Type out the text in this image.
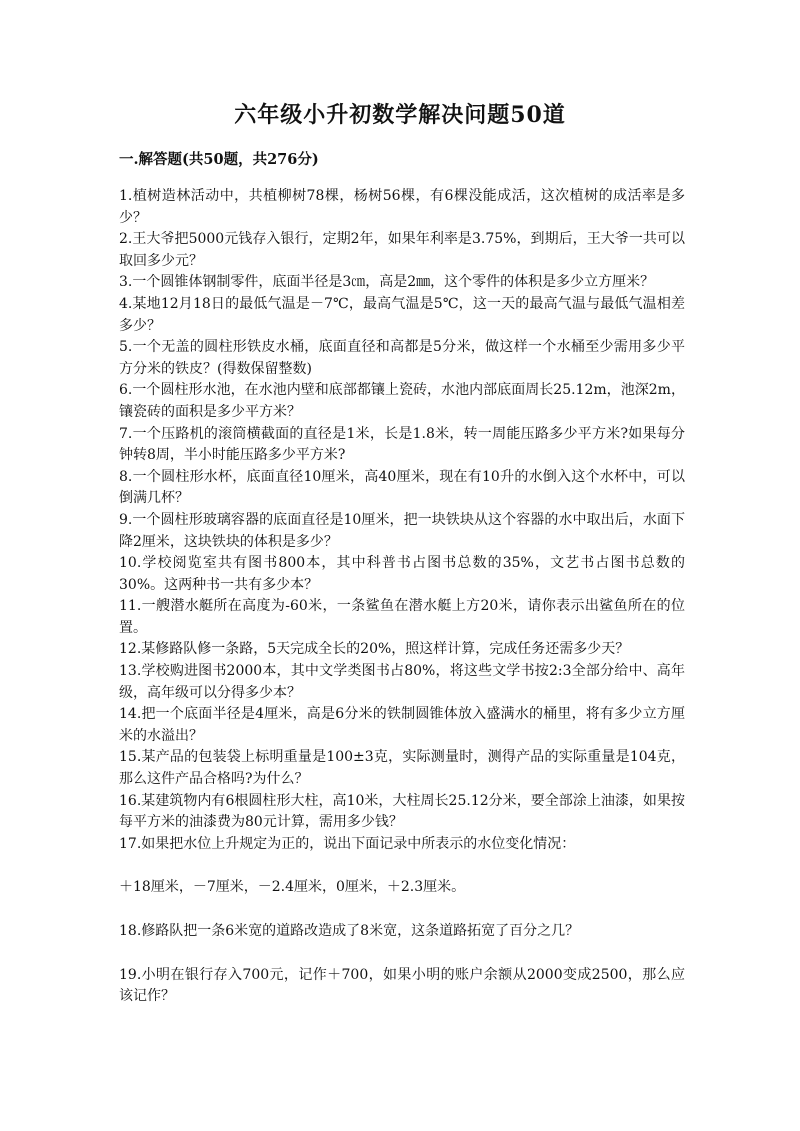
六年级小升初数学解决问题50道
一.解答题(共50题，共276分)

1.植树造林活动中，共植柳树78棵，杨树56棵，有6棵没能成活，这次植树的成活率是多少？

2.王大爷把5000元钱存入银行，定期2年，如果年利率是3.75%，到期后，王大爷一共可以取回多少元？

3.一个圆锥体钢制零件，底面半径是3㎝，高是2㎜，这个零件的体积是多少立方厘米？

4.某地12月18日的最低气温是－7℃，最高气温是5℃，这一天的最高气温与最低气温相差多少？

5.一个无盖的圆柱形铁皮水桶，底面直径和高都是5分米，做这样一个水桶至少需用多少平方分米的铁皮？(得数保留整数)

6.一个圆柱形水池，在水池内壁和底部都镶上瓷砖，水池内部底面周长25.12m，池深2m，镶瓷砖的面积是多少平方米？

7.一个压路机的滚筒横截面的直径是1米，长是1.8米，转一周能压路多少平方米?如果每分钟转8周，半小时能压路多少平方米?

8.一个圆柱形水杯，底面直径10厘米，高40厘米，现在有10升的水倒入这个水杯中，可以倒满几杯？

9.一个圆柱形玻璃容器的底面直径是10厘米，把一块铁块从这个容器的水中取出后，水面下降2厘米，这块铁块的体积是多少？

10.学校阅览室共有图书800本，其中科普书占图书总数的35%，文艺书占图书总数的30%。这两种书一共有多少本？

11.一艘潜水艇所在高度为-60米，一条鲨鱼在潜水艇上方20米，请你表示出鲨鱼所在的位置。

12.某修路队修一条路，5天完成全长的20%，照这样计算，完成任务还需多少天？

13.学校购进图书2000本，其中文学类图书占80%，将这些文学书按2:3全部分给中、高年级，高年级可以分得多少本？

14.把一个底面半径是4厘米，高是6分米的铁制圆锥体放入盛满水的桶里，将有多少立方厘米的水溢出？

15.某产品的包装袋上标明重量是100±3克，实际测量时，测得产品的实际重量是104克，那么这件产品合格吗?为什么？

16.某建筑物内有6根圆柱形大柱，高10米，大柱周长25.12分米，要全部涂上油漆，如果按每平方米的油漆费为80元计算，需用多少钱？

17.如果把水位上升规定为正的，说出下面记录中所表示的水位变化情况：

＋18厘米，－7厘米，－2.4厘米，0厘米，＋2.3厘米。

18.修路队把一条6米宽的道路改造成了8米宽，这条道路拓宽了百分之几？

19.小明在银行存入700元，记作＋700，如果小明的账户余额从2000变成2500，那么应该记作？
